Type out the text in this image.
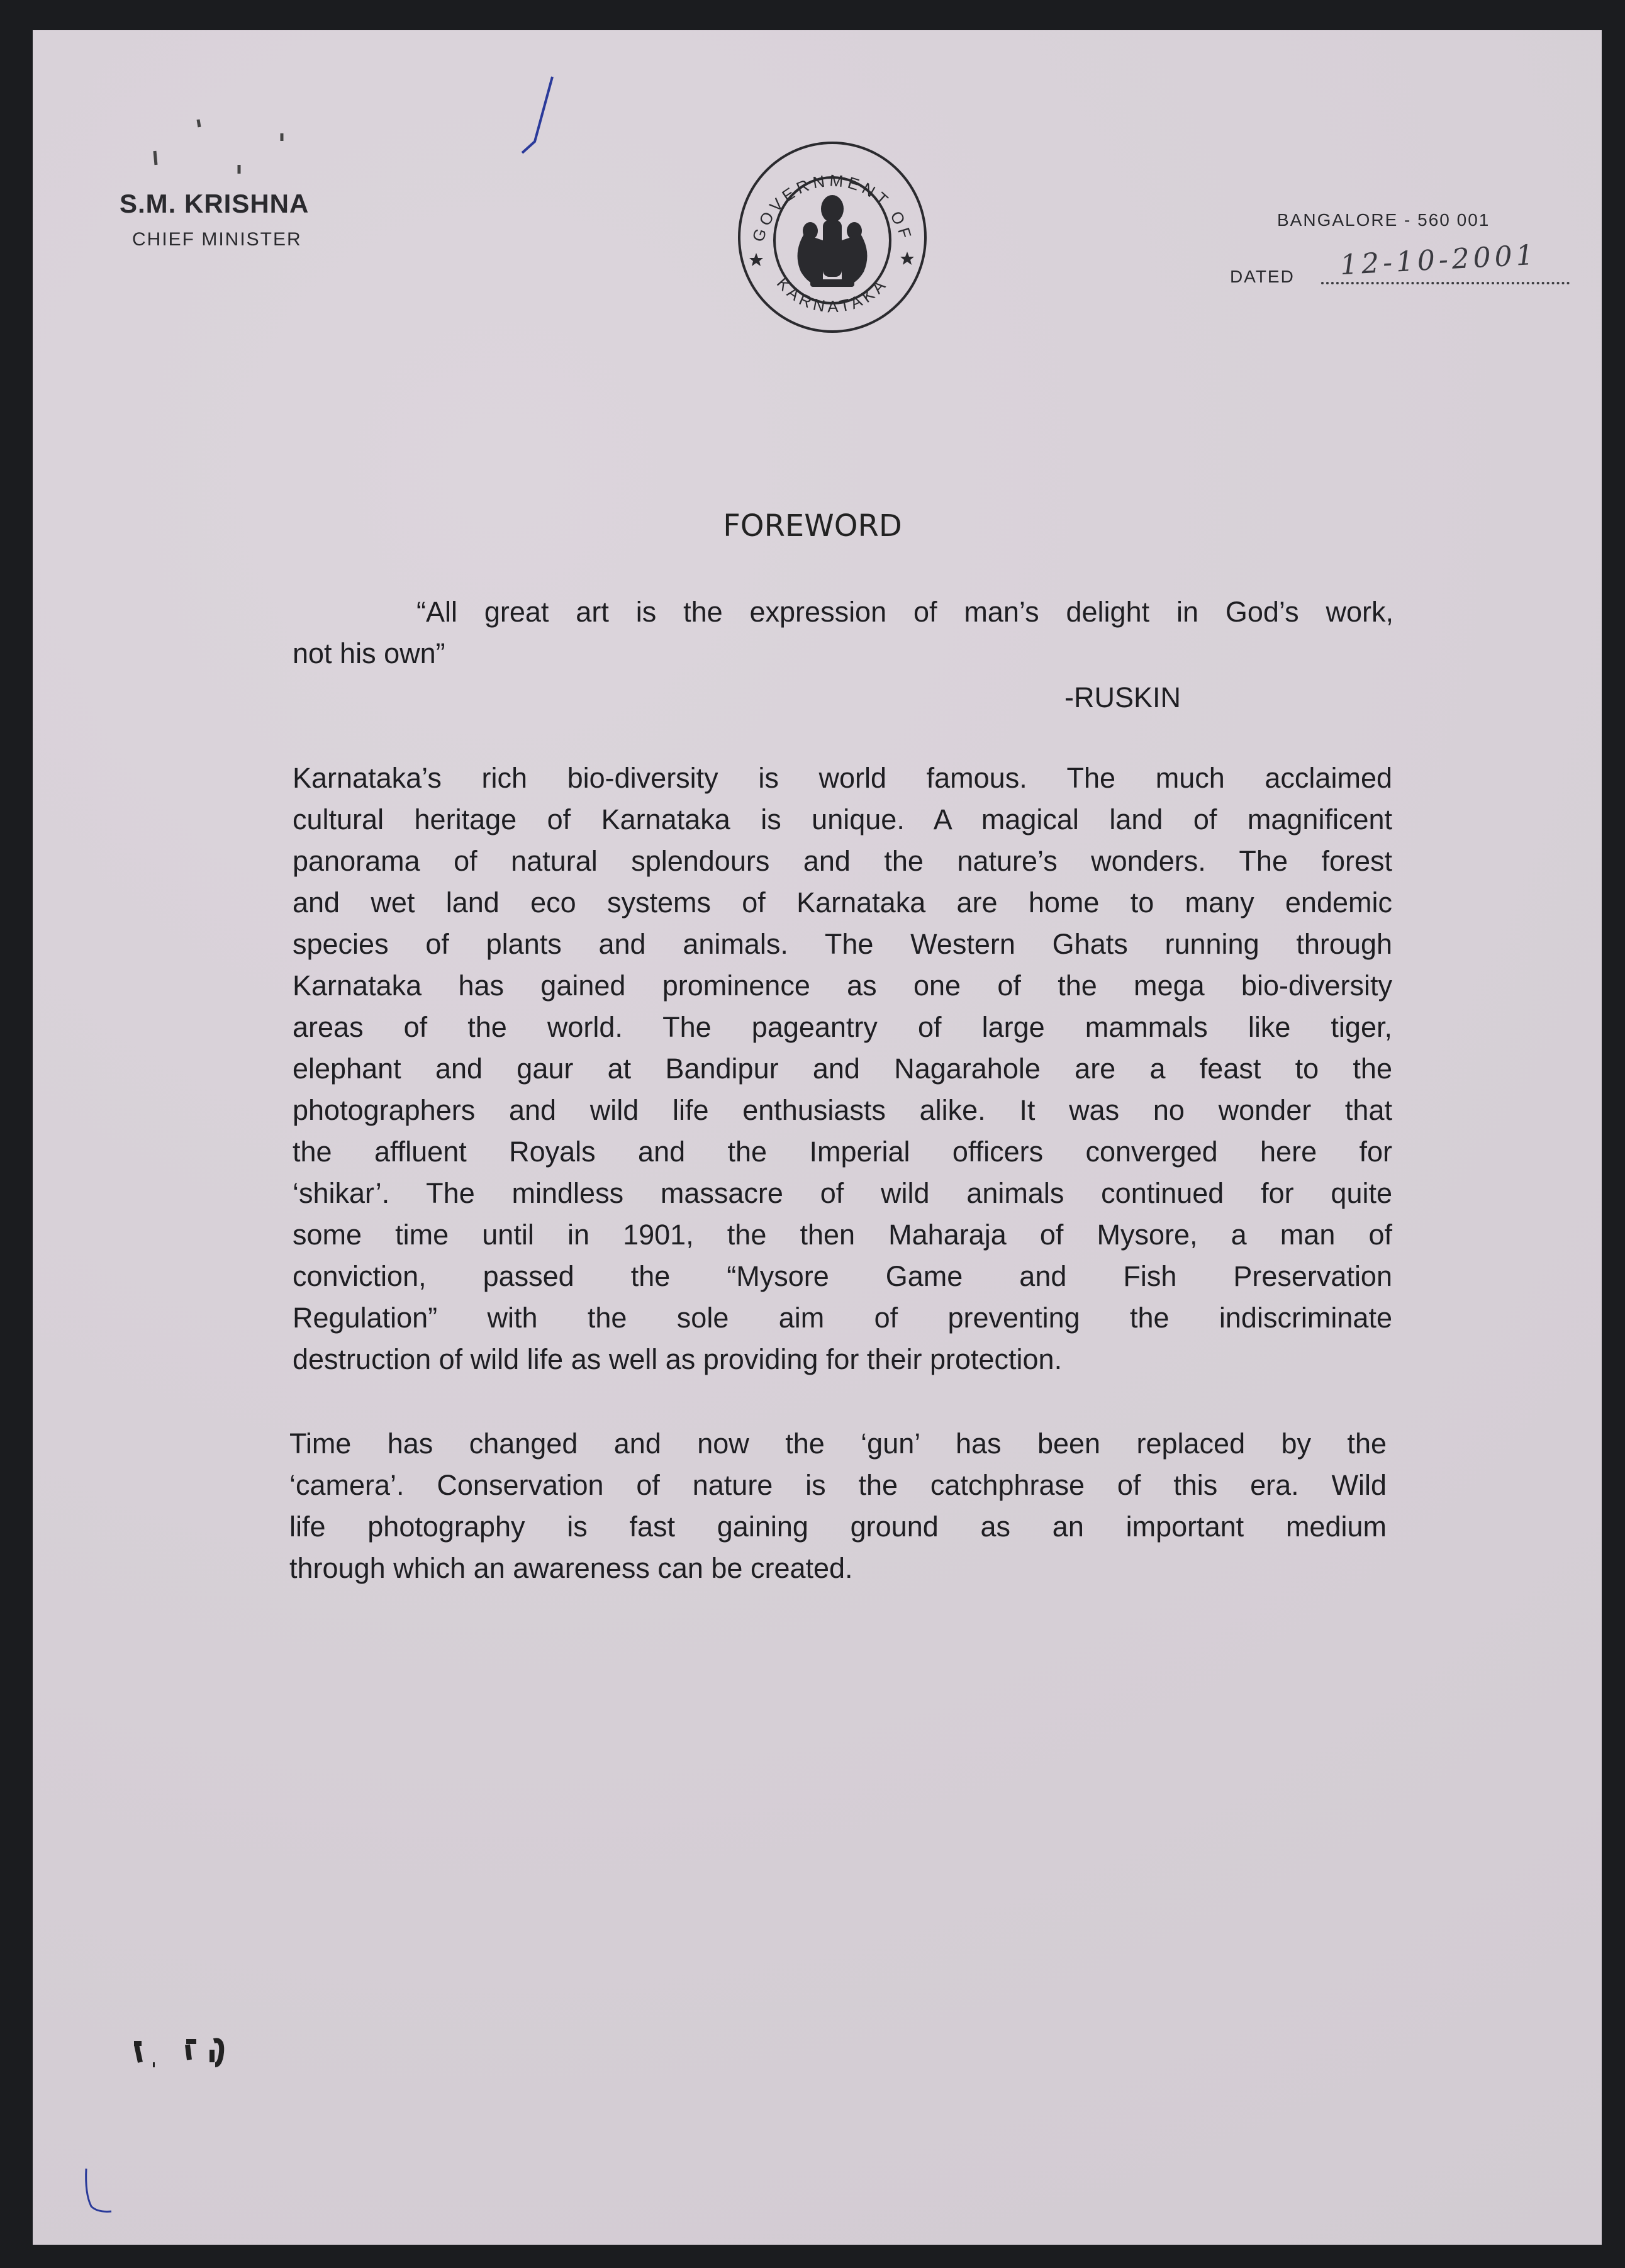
S.M. KRISHNA
CHIEF MINISTER	GOVERNMENT OF
KARNATAKA
BANGALORE - 560 001
DATED 12-10-2001
FOREWORD
“All great art is the expression of man’s delight in God’s work,
not his own”
-RUSKIN
Karnataka’s rich bio-diversity is world famous. The much acclaimed
cultural heritage of Karnataka is unique. A magical land of magnificent
panorama of natural splendours and the nature’s wonders. The forest
and wet land eco systems of Karnataka are home to many endemic
species of plants and animals. The Western Ghats running through
Karnataka has gained prominence as one of the mega bio-diversity
areas of the world. The pageantry of large mammals like tiger,
elephant and gaur at Bandipur and Nagarahole are a feast to the
photographers and wild life enthusiasts alike. It was no wonder that
the affluent Royals and the Imperial officers converged here for
‘shikar’. The mindless massacre of wild animals continued for quite
some time until in 1901, the then Maharaja of Mysore, a man of
conviction, passed the “Mysore Game and Fish Preservation
Regulation” with the sole aim of preventing the indiscriminate
destruction of wild life as well as providing for their protection.
Time has changed and now the ‘gun’ has been replaced by the
‘camera’. Conservation of nature is the catchphrase of this era. Wild
life photography is fast gaining ground as an important medium
through which an awareness can be created.
